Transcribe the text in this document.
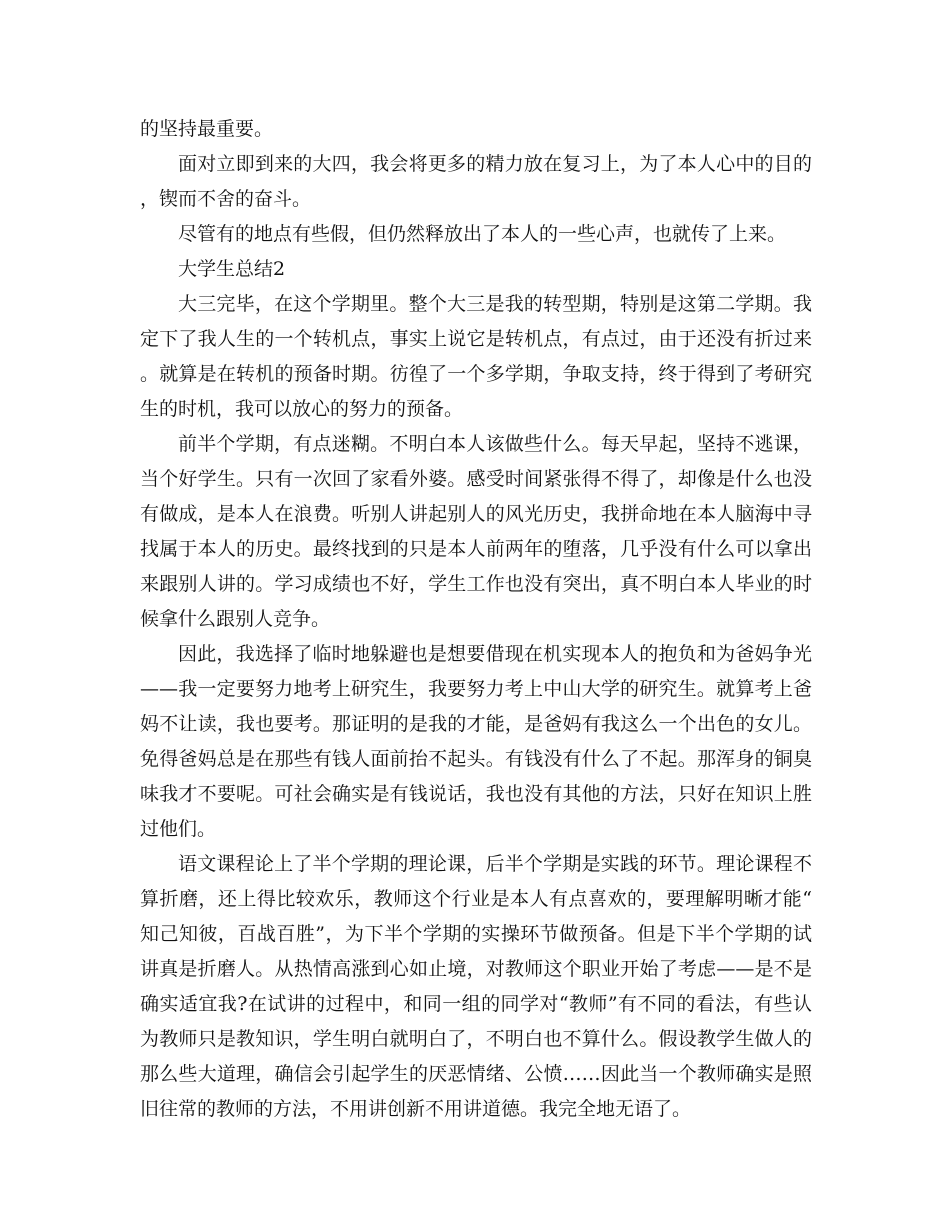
的坚持最重要。

面对立即到来的大四，我会将更多的精力放在复习上，为了本人心中的目的，锲而不舍的奋斗。

尽管有的地点有些假，但仍然释放出了本人的一些心声，也就传了上来。

大学生总结2

大三完毕，在这个学期里。整个大三是我的转型期，特别是这第二学期。我定下了我人生的一个转机点，事实上说它是转机点，有点过，由于还没有折过来。就算是在转机的预备时期。彷徨了一个多学期，争取支持，终于得到了考研究生的时机，我可以放心的努力的预备。

前半个学期，有点迷糊。不明白本人该做些什么。每天早起，坚持不逃课，当个好学生。只有一次回了家看外婆。感受时间紧张得不得了，却像是什么也没有做成，是本人在浪费。听别人讲起别人的风光历史，我拼命地在本人脑海中寻找属于本人的历史。最终找到的只是本人前两年的堕落，几乎没有什么可以拿出来跟别人讲的。学习成绩也不好，学生工作也没有突出，真不明白本人毕业的时候拿什么跟别人竞争。

因此，我选择了临时地躲避也是想要借现在机实现本人的抱负和为爸妈争光——我一定要努力地考上研究生，我要努力考上中山大学的研究生。就算考上爸妈不让读，我也要考。那证明的是我的才能，是爸妈有我这么一个出色的女儿。免得爸妈总是在那些有钱人面前抬不起头。有钱没有什么了不起。那浑身的铜臭味我才不要呢。可社会确实是有钱说话，我也没有其他的方法，只好在知识上胜过他们。

语文课程论上了半个学期的理论课，后半个学期是实践的环节。理论课程不算折磨，还上得比较欢乐，教师这个行业是本人有点喜欢的，要理解明晰才能“知己知彼，百战百胜”，为下半个学期的实操环节做预备。但是下半个学期的试讲真是折磨人。从热情高涨到心如止境，对教师这个职业开始了考虑——是不是确实适宜我?在试讲的过程中，和同一组的同学对“教师”有不同的看法，有些认为教师只是教知识，学生明白就明白了，不明白也不算什么。假设教学生做人的那么些大道理，确信会引起学生的厌恶情绪、公愤……因此当一个教师确实是照旧往常的教师的方法，不用讲创新不用讲道德。我完全地无语了。
